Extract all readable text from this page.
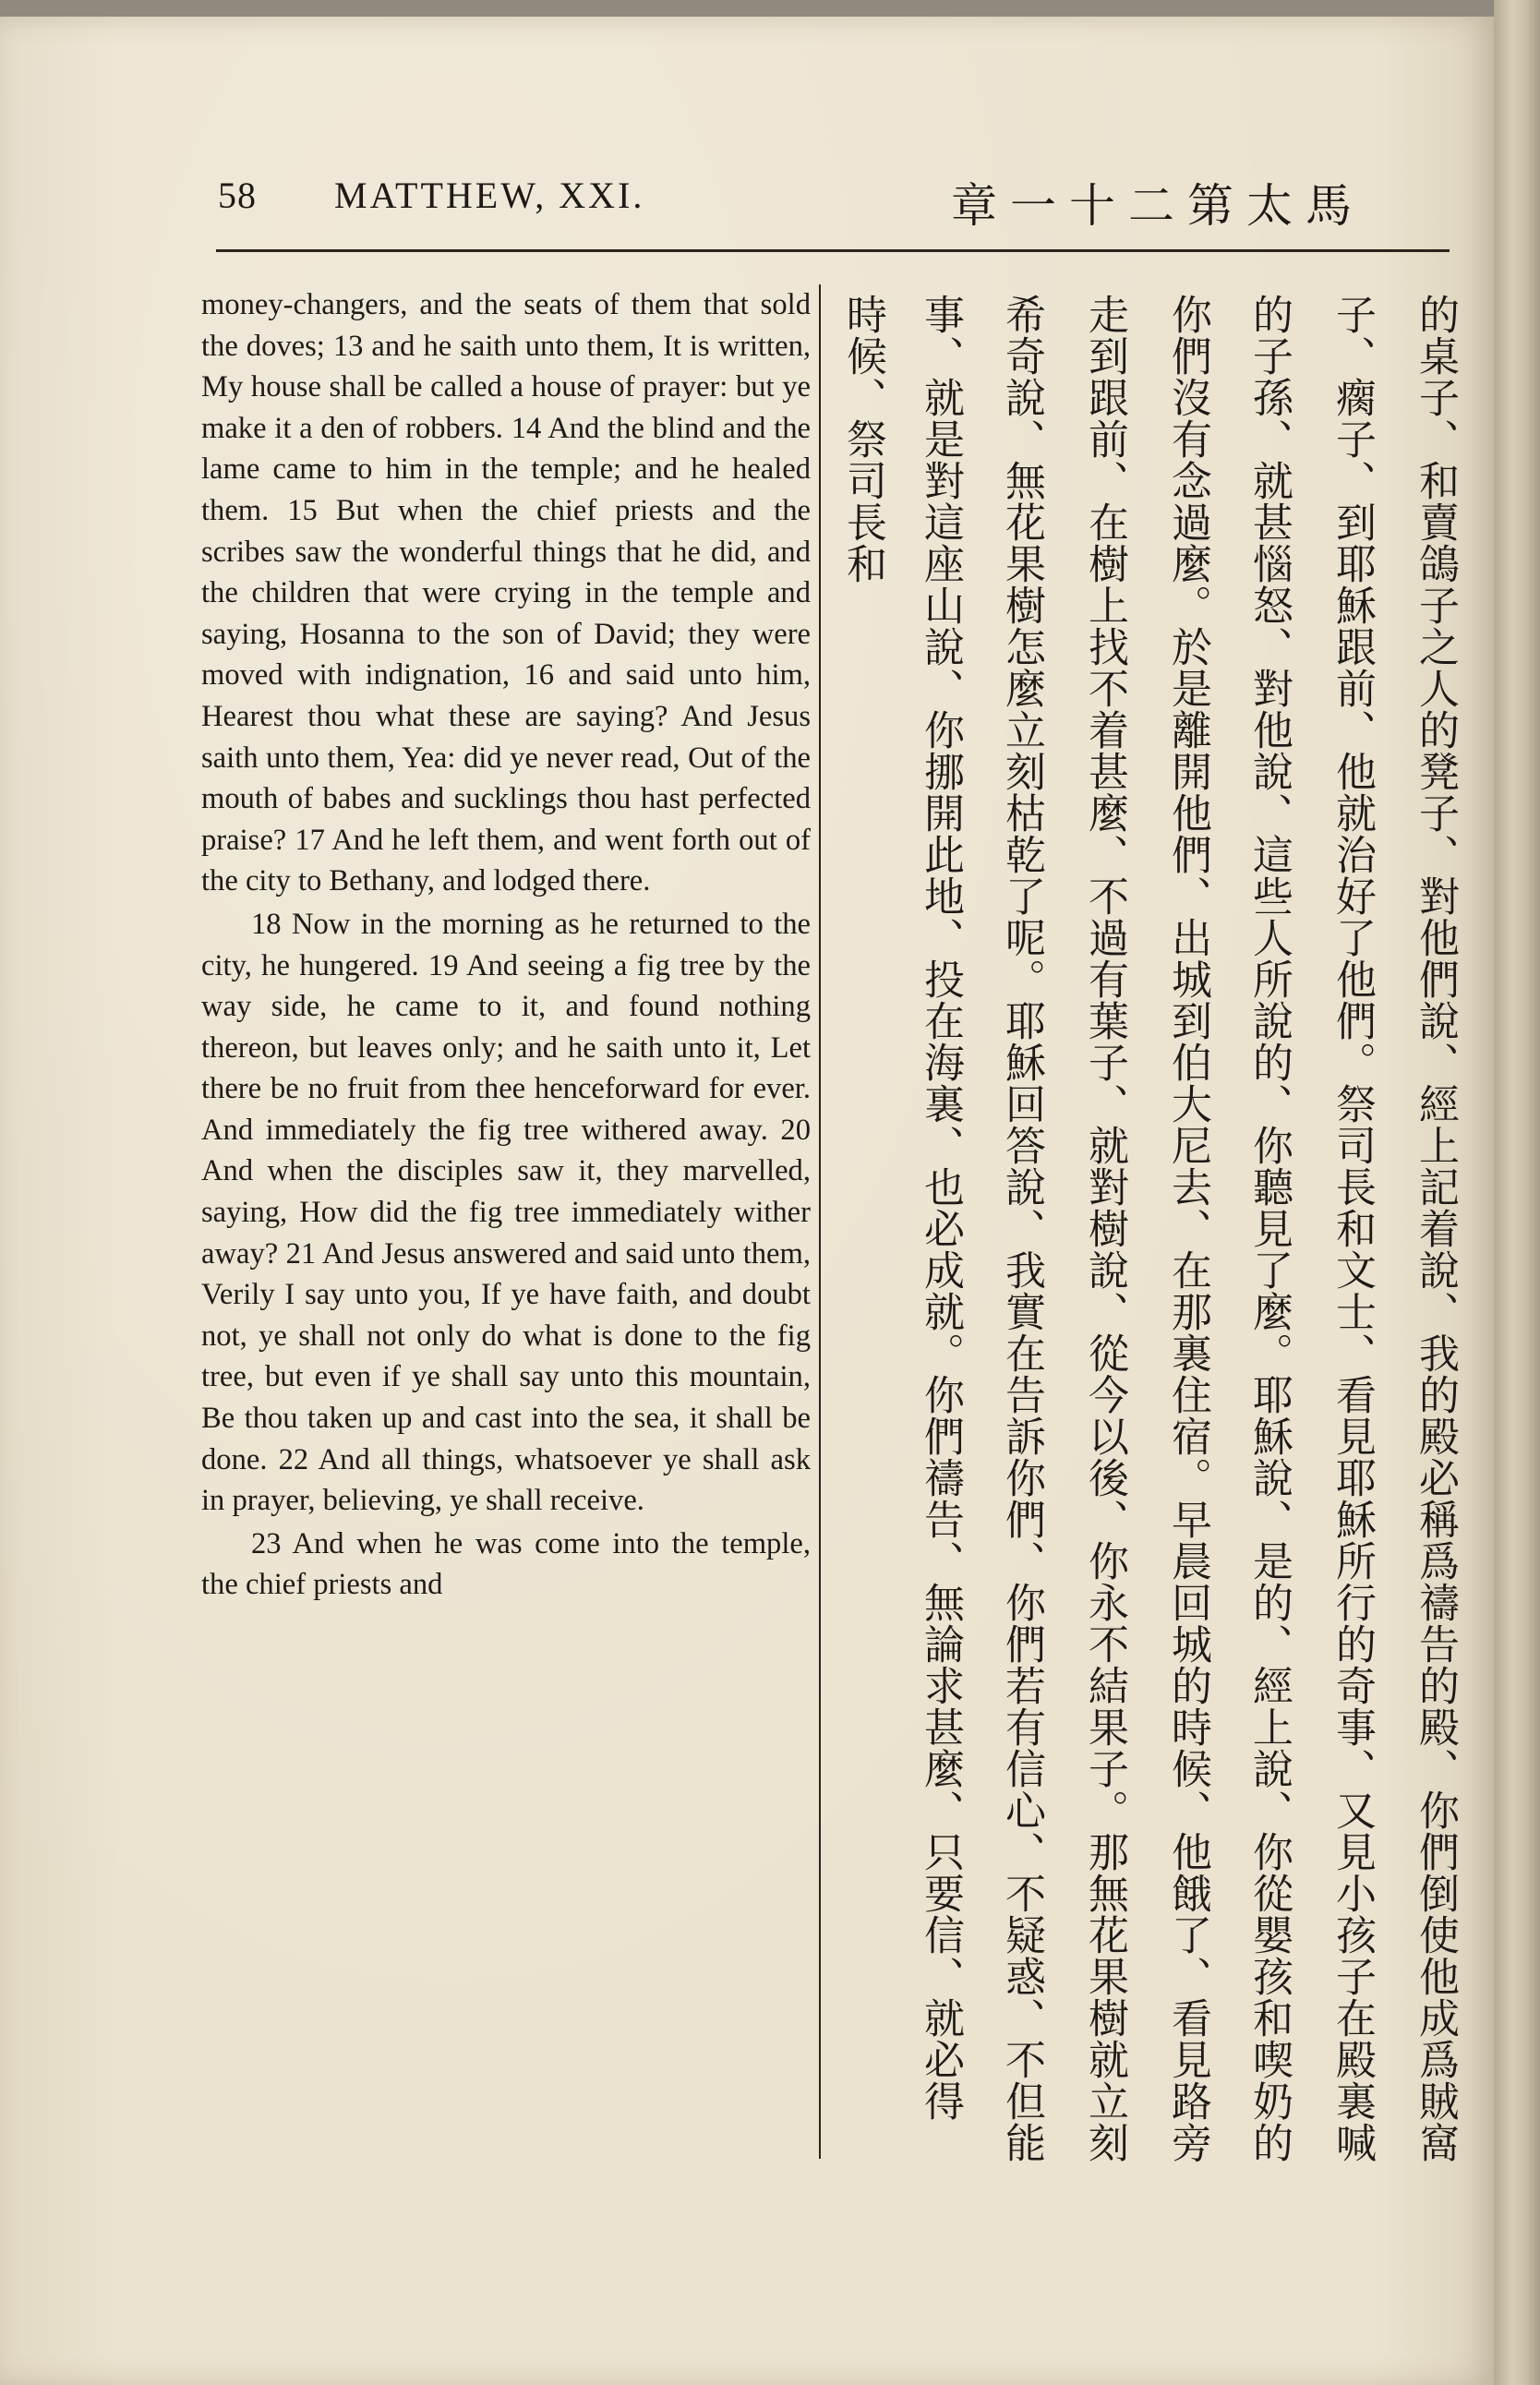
58 MATTHEW, XXI.	章一十二第太馬

money-changers, and the seats of them that sold the doves; 13 and he saith unto them, It is written, My house shall be called a house of prayer: but ye make it a den of robbers. 14 And the blind and the lame came to him in the temple; and he healed them. 15 But when the chief priests and the scribes saw the wonderful things that he did, and the children that were crying in the temple and saying, Hosanna to the son of David; they were moved with indignation, 16 and said unto him, Hearest thou what these are saying? And Jesus saith unto them, Yea: did ye never read, Out of the mouth of babes and sucklings thou hast perfected praise? 17 And he left them, and went forth out of the city to Bethany, and lodged there.

18 Now in the morning as he returned to the city, he hungered. 19 And seeing a fig tree by the way side, he came to it, and found nothing thereon, but leaves only; and he saith unto it, Let there be no fruit from thee henceforward for ever. And immediately the fig tree withered away. 20 And when the disciples saw it, they marvelled, saying, How did the fig tree immediately wither away? 21 And Jesus answered and said unto them, Verily I say unto you, If ye have faith, and doubt not, ye shall not only do what is done to the fig tree, but even if ye shall say unto this mountain, Be thou taken up and cast into the sea, it shall be done. 22 And all things, whatsoever ye shall ask in prayer, believing, ye shall receive.

23 And when he was come into the temple, the chief priests and

的桌子、和賣鴿子之人的凳子、對他們說、經上記着說、我的殿必稱爲禱告的殿、你們倒使他成爲賊窩
子、瘸子、到耶穌跟前、他就治好了他們。祭司長和文士、看見耶穌所行的奇事、又見小孩子在殿裏喊
的子孫、就甚惱怒、對他說、這些人所說的、你聽見了麼。耶穌說、是的、經上說、你從嬰孩和喫奶的
你們沒有念過麼。於是離開他們、出城到伯大尼去、在那裏住宿。早晨回城的時候、他餓了、看見路旁
走到跟前、在樹上找不着甚麼、不過有葉子、就對樹說、從今以後、你永不結果子。那無花果樹就立刻
希奇說、無花果樹怎麼立刻枯乾了呢。耶穌回答說、我實在告訴你們、你們若有信心、不疑惑、不但能
事、就是對這座山說、你挪開此地、投在海裏、也必成就。你們禱告、無論求甚麼、只要信、就必得
時候、祭司長和
